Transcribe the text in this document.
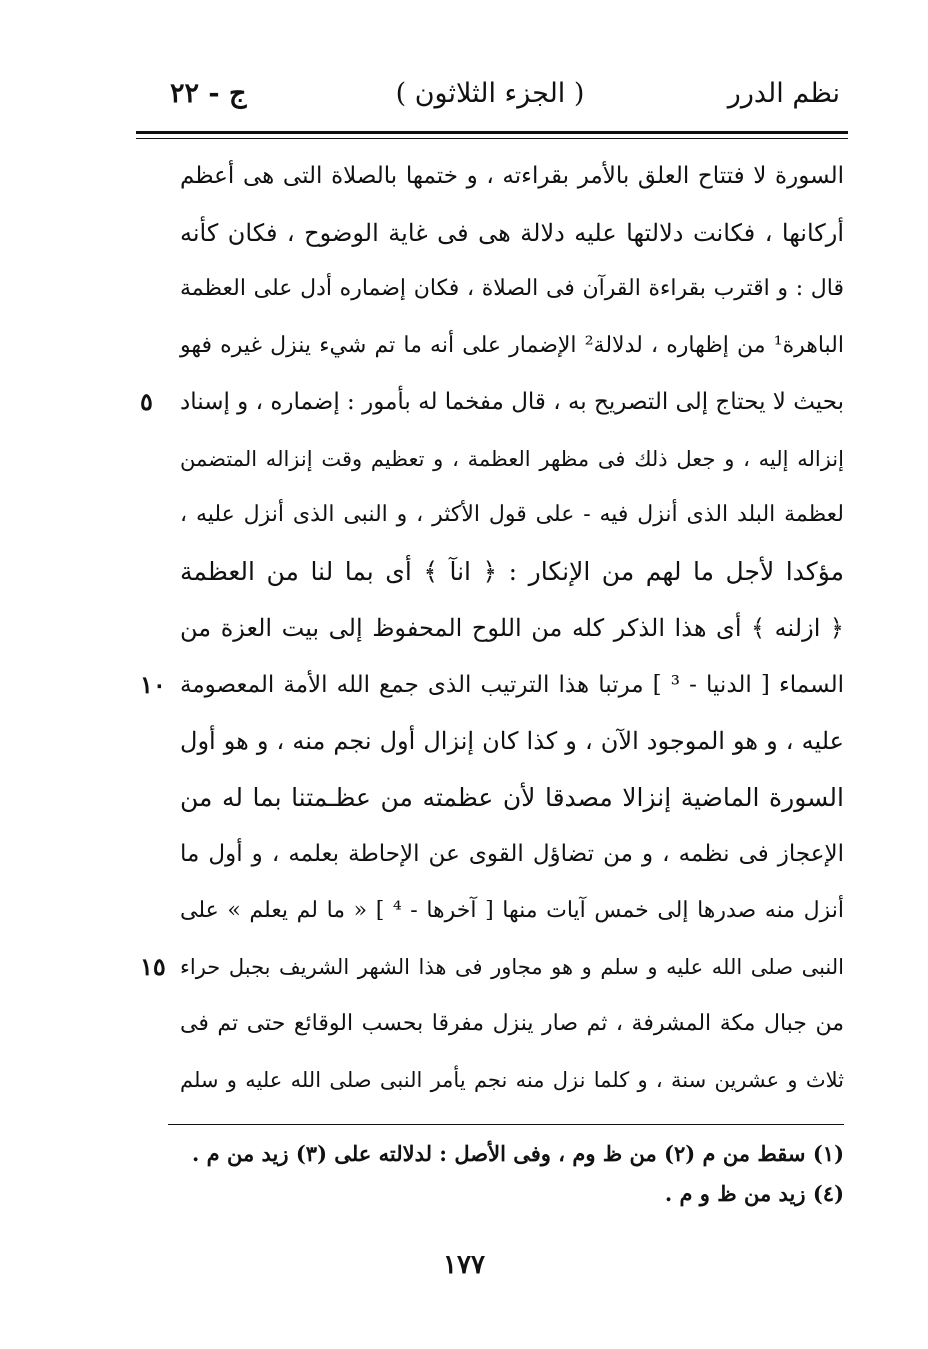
نظم الدرر
( الجزء الثلاثون )
ج - ٢٢
السورة لا فتتاح العلق بالأمر بقراءته ، و ختمها بالصلاة التى هى أعظم
أركانها ، فكانت دلالتها عليه دلالة هى فى غاية الوضوح ، فكان كأنه
قال : و اقترب بقراءة القرآن فى الصلاة ، فكان إضماره أدل على العظمة
الباهرة¹ من إظهاره ، لدلالة² الإضمار على أنه ما تم شيء ينزل غيره فهو
٥	بحيث لا يحتاج إلى التصريح به ، قال مفخما له بأمور : إضماره ، و إسناد
إنزاله إليه ، و جعل ذلك فى مظهر العظمة ، و تعظيم وقت إنزاله المتضمن
لعظمة البلد الذى أنزل فيه - على قول الأكثر ، و النبى الذى أنزل عليه ،
مؤكدا لأجل ما لهم من الإنكار : ﴿ انآ ﴾ أى بما لنا من العظمة
﴿ ازلنه ﴾ أى هذا الذكر كله من اللوح المحفوظ إلى بيت العزة من
١٠ السماء [ الدنيا - ³ ] مرتبا هذا الترتيب الذى جمع الله الأمة المعصومة
عليه ، و هو الموجود الآن ، و كذا كان إنزال أول نجم منه ، و هو أول
السورة الماضية إنزالا مصدقا لأن عظمته من عظـمتنا بما له من
الإعجاز فى نظمه ، و من تضاؤل القوى عن الإحاطة بعلمه ، و أول ما
أنزل منه صدرها إلى خمس آيات منها [ آخرها - ⁴ ] « ما لم يعلم » على
١٥ النبى صلى الله عليه و سلم و هو مجاور فى هذا الشهر الشريف بجبل حراء
من جبال مكة المشرفة ، ثم صار ينزل مفرقا بحسب الوقائع حتى تم فى
ثلاث و عشرين سنة ، و كلما نزل منه نجم يأمر النبى صلى الله عليه و سلم
(١) سقط من م (٢) من ظ وم ، وفى الأصل : لدلالته على (٣) زيد من م .
(٤) زيد من ظ و م .
١٧٧
